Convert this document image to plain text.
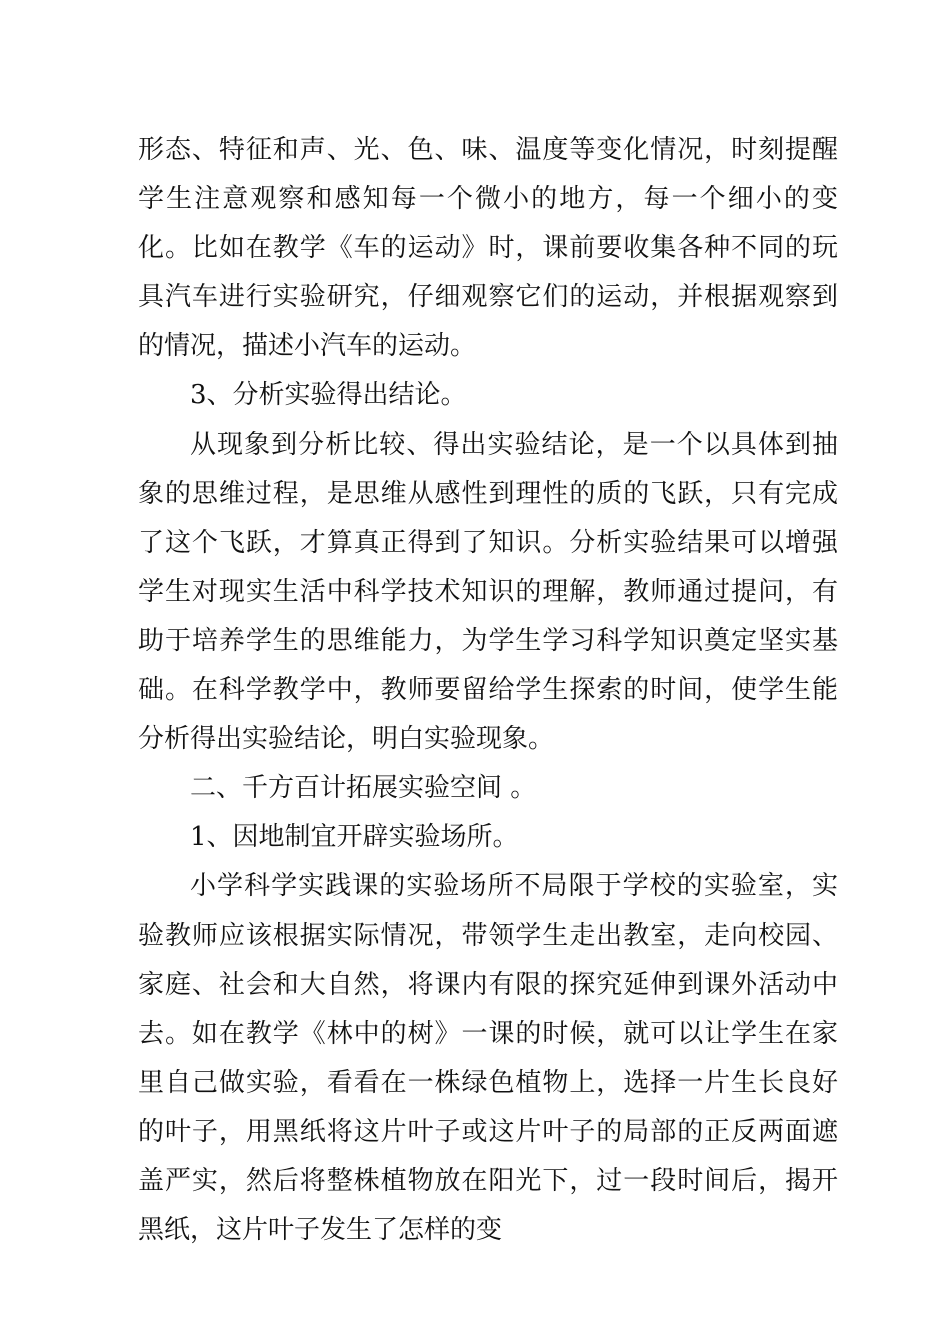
形态、特征和声、光、色、味、温度等变化情况，时刻提醒学生注意观察和感知每一个微小的地方，每一个细小的变化。比如在教学《车的运动》时，课前要收集各种不同的玩具汽车进行实验研究，仔细观察它们的运动，并根据观察到的情况，描述小汽车的运动。

3、分析实验得出结论。

从现象到分析比较、得出实验结论，是一个以具体到抽象的思维过程，是思维从感性到理性的质的飞跃，只有完成了这个飞跃，才算真正得到了知识。分析实验结果可以增强学生对现实生活中科学技术知识的理解，教师通过提问，有助于培养学生的思维能力，为学生学习科学知识奠定坚实基础。在科学教学中，教师要留给学生探索的时间，使学生能分析得出实验结论，明白实验现象。

二、千方百计拓展实验空间 。

1、因地制宜开辟实验场所。

小学科学实践课的实验场所不局限于学校的实验室，实验教师应该根据实际情况，带领学生走出教室，走向校园、家庭、社会和大自然，将课内有限的探究延伸到课外活动中去。如在教学《林中的树》一课的时候，就可以让学生在家里自己做实验，看看在一株绿色植物上，选择一片生长良好的叶子，用黑纸将这片叶子或这片叶子的局部的正反两面遮盖严实，然后将整株植物放在阳光下，过一段时间后，揭开黑纸，这片叶子发生了怎样的变
